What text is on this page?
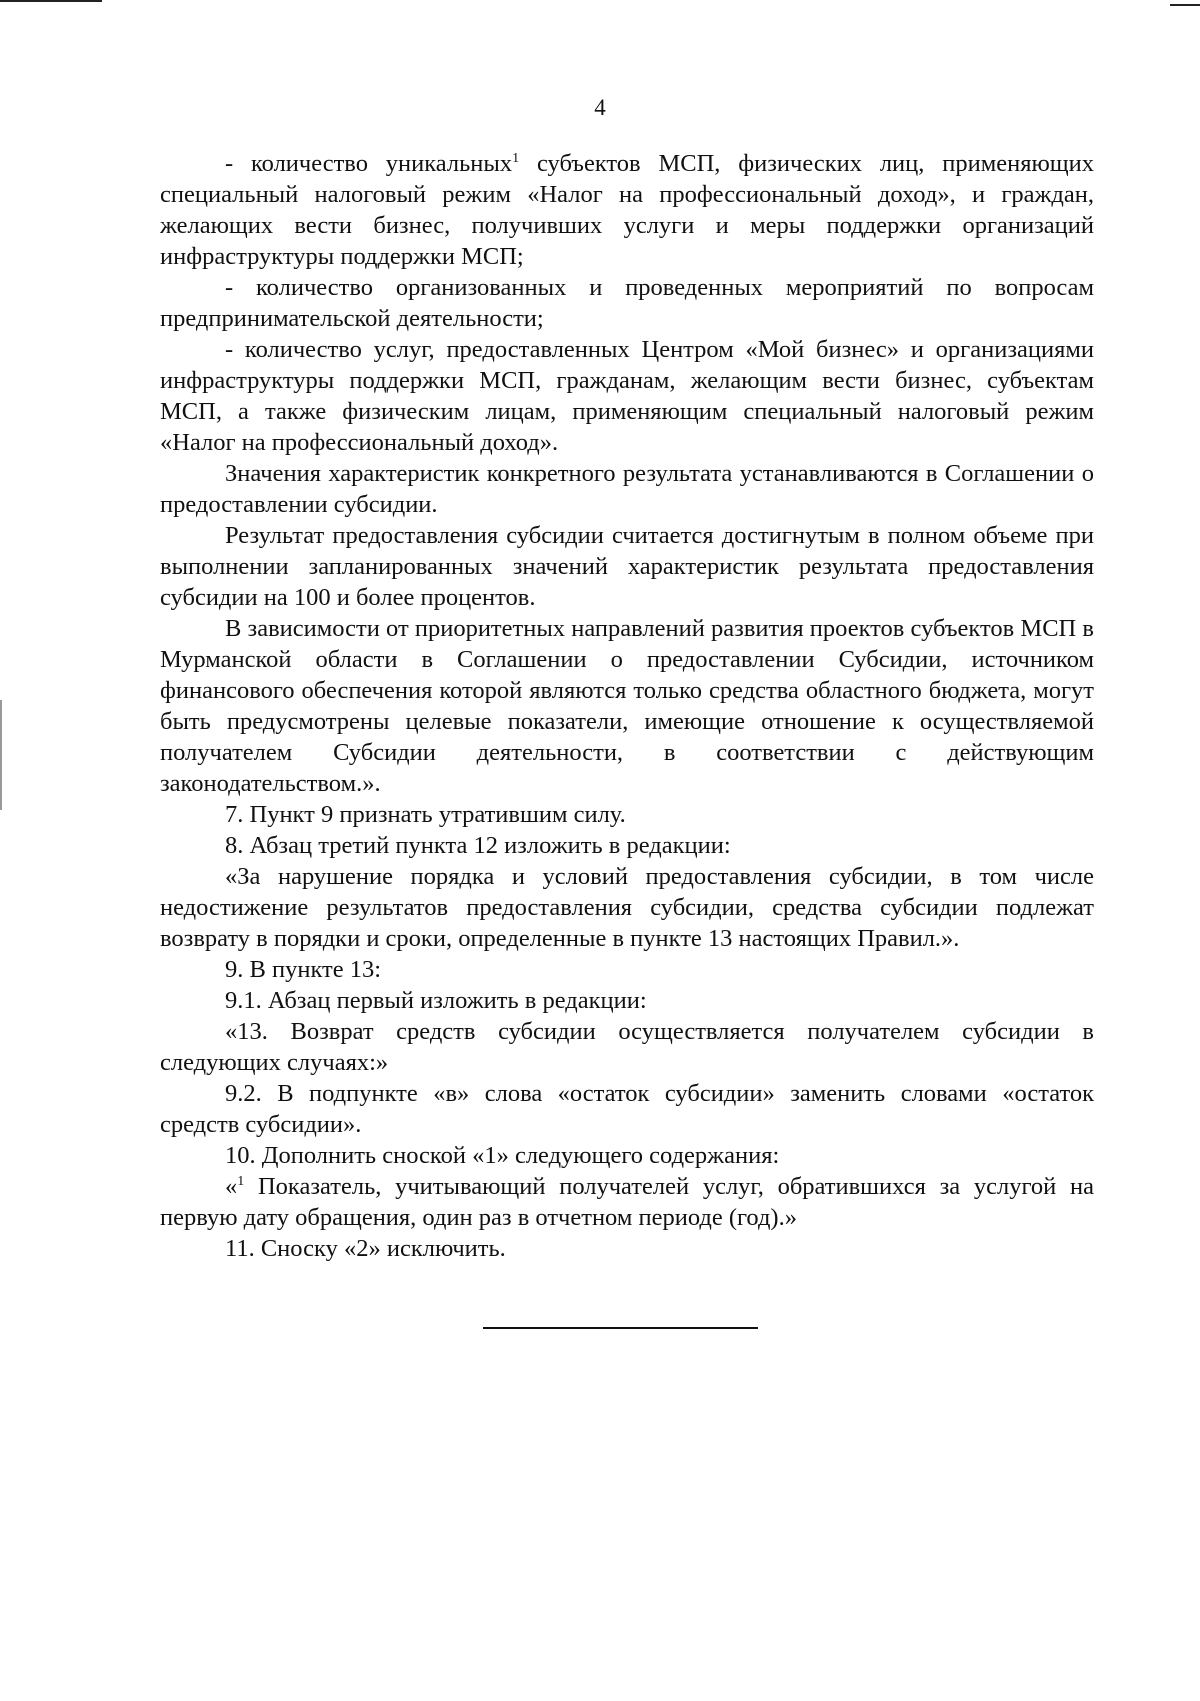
4

- количество уникальных$^1$ субъектов МСП, физических лиц, применяющих специальный налоговый режим «Налог на профессиональный доход», и граждан, желающих вести бизнес, получивших услуги и меры поддержки организаций инфраструктуры поддержки МСП;

- количество организованных и проведенных мероприятий по вопросам предпринимательской деятельности;

- количество услуг, предоставленных Центром «Мой бизнес» и организациями инфраструктуры поддержки МСП, гражданам, желающим вести бизнес, субъектам МСП, а также физическим лицам, применяющим специальный налоговый режим «Налог на профессиональный доход».

Значения характеристик конкретного результата устанавливаются в Соглашении о предоставлении субсидии.

Результат предоставления субсидии считается достигнутым в полном объеме при выполнении запланированных значений характеристик результата предоставления субсидии на 100 и более процентов.

В зависимости от приоритетных направлений развития проектов субъектов МСП в Мурманской области в Соглашении о предоставлении Субсидии, источником финансового обеспечения которой являются только средства областного бюджета, могут быть предусмотрены целевые показатели, имеющие отношение к осуществляемой получателем Субсидии деятельности, в соответствии с действующим законодательством.».

7. Пункт 9 признать утратившим силу.

8. Абзац третий пункта 12 изложить в редакции:

«За нарушение порядка и условий предоставления субсидии, в том числе недостижение результатов предоставления субсидии, средства субсидии подлежат возврату в порядки и сроки, определенные в пункте 13 настоящих Правил.».

9. В пункте 13:

9.1. Абзац первый изложить в редакции:

«13. Возврат средств субсидии осуществляется получателем субсидии в следующих случаях:»

9.2. В подпункте «в» слова «остаток субсидии» заменить словами «остаток средств субсидии».

10. Дополнить сноской «1» следующего содержания:

«$^1$ Показатель, учитывающий получателей услуг, обратившихся за услугой на первую дату обращения, один раз в отчетном периоде (год).»

11. Сноску «2» исключить.
